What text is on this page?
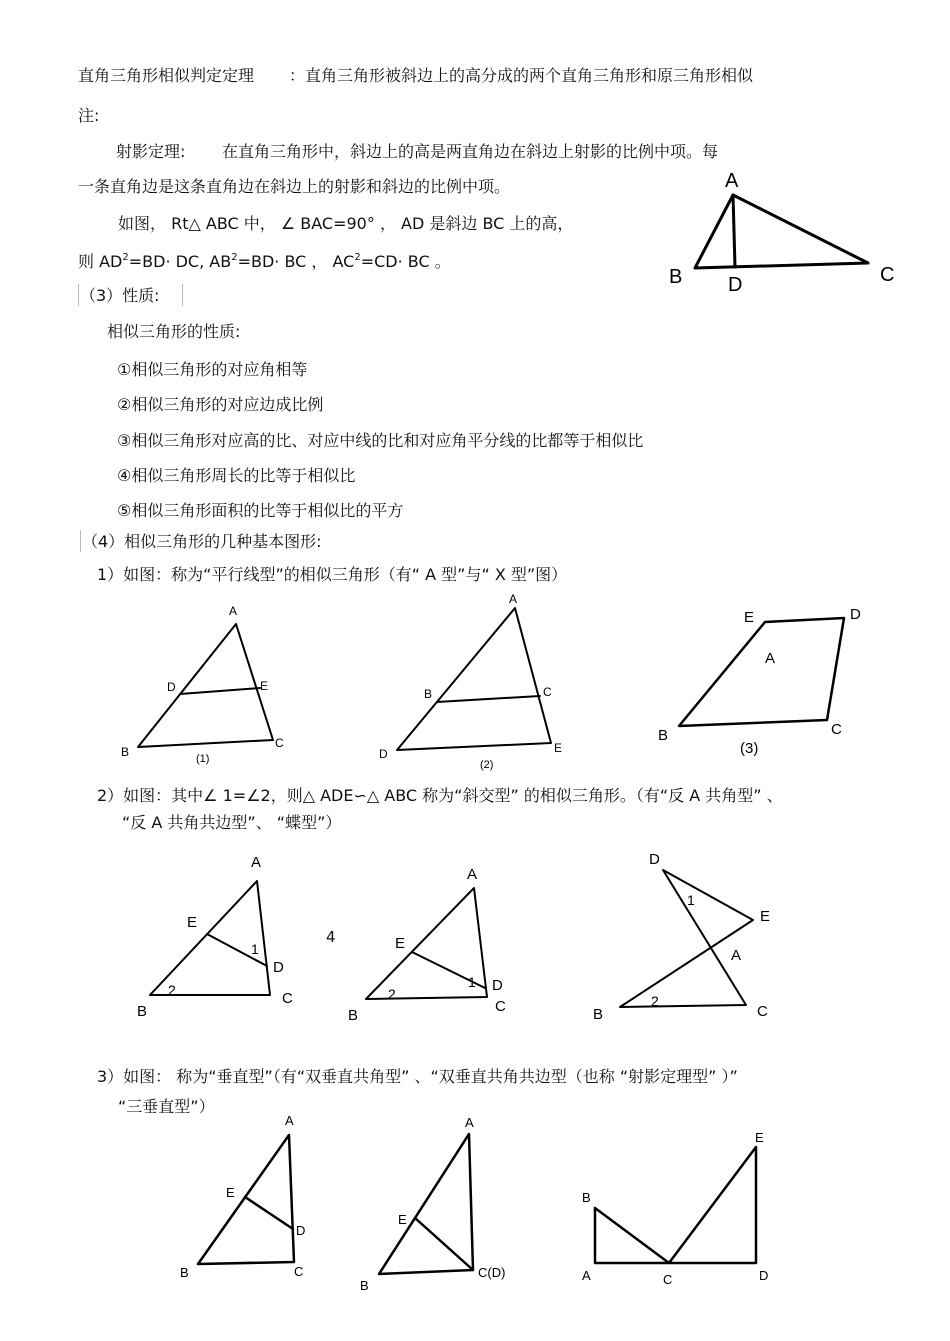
直角三角形相似判定定理 ：直角三角形被斜边上的高分成的两个直角三角形和原三角形相似
注:
射影定理: 在直角三角形中，斜边上的高是两直角边在斜边上射影的比例中项。每
一条直角边是这条直角边在斜边上的射影和斜边的比例中项。
如图， Rt△ ABC 中， ∠ BAC=90° ， AD 是斜边 BC 上的高，
则 $AD^2=BD\cdot$ DC, $AB^2=BD\cdot$ BC ， $AC^2=CD\cdot$ BC 。
（3）性质:
相似三角形的性质:
①相似三角形的对应角相等
②相似三角形的对应边成比例
③相似三角形对应高的比、对应中线的比和对应角平分线的比都等于相似比
④相似三角形周长的比等于相似比
⑤相似三角形面积的比等于相似比的平方
（4）相似三角形的几种基本图形:
1）如图：称为“平行线型”的相似三角形（有“ A 型”与“ X 型”图）
2）如图：其中∠ 1=∠2，则△ ADE∽△ ABC 称为“斜交型” 的相似三角形。（有“反 A 共角型” 、
“反 A 共角共边型”、 “蝶型”）
3）如图： 称为“垂直型”（有“双垂直共角型” 、“双垂直共角共边型（也称 “射影定理型” ）”
“三垂直型”）
A
B	C
D
A
D	E
B
C
(1)
A
B	C
D	E
(2)
E	D
A
B	C
(3)
A
E
1
D
2	C
B
4
A
E
1 D
2
C
B
D
1
E
A
2
B	C
A
E
D
B	C
A
E
B
C(D)
E
B
A	C	D
